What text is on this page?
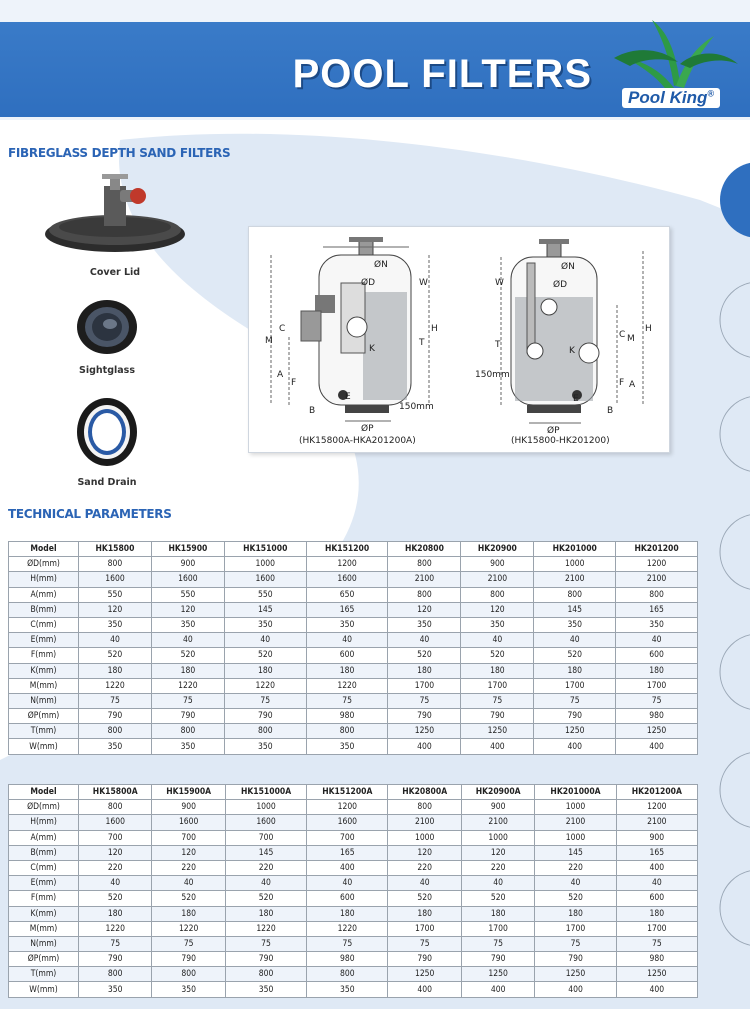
POOL FILTERS
Pool King®
FIBREGLASS DEPTH SAND FILTERS
Cover Lid
Sightglass
Sand Drain
ØN
ØD	W
H
T
C
M
K
A
F
E
B
ØP
150mm
(HK15800A-HKA201200A)
ØN
ØD
W
H
T
C M
K
A
F
E
B
ØP
150mm
(HK15800-HK201200)
TECHNICAL PARAMETERS
Model	HK15800	HK15900	HK151000	HK151200	HK20800	HK20900	HK201000	HK201200
ØD(mm)	800	900	1000	1200	800	900	1000	1200
H(mm)	1600	1600	1600	1600	2100	2100	2100	2100
A(mm)	550	550	550	650	800	800	800	800
B(mm)	120	120	145	165	120	120	145	165
C(mm)	350	350	350	350	350	350	350	350
E(mm)	40	40	40	40	40	40	40	40
F(mm)	520	520	520	600	520	520	520	600
K(mm)	180	180	180	180	180	180	180	180
M(mm)	1220	1220	1220	1220	1700	1700	1700	1700
N(mm)	75	75	75	75	75	75	75	75
ØP(mm)	790	790	790	980	790	790	790	980
T(mm)	800	800	800	800	1250	1250	1250	1250
W(mm)	350	350	350	350	400	400	400	400
Model	HK15800A	HK15900A	HK151000A	HK151200A	HK20800A	HK20900A	HK201000A	HK201200A
ØD(mm)	800	900	1000	1200	800	900	1000	1200
H(mm)	1600	1600	1600	1600	2100	2100	2100	2100
A(mm)	700	700	700	700	1000	1000	1000	900
B(mm)	120	120	145	165	120	120	145	165
C(mm)	220	220	220	400	220	220	220	400
E(mm)	40	40	40	40	40	40	40	40
F(mm)	520	520	520	600	520	520	520	600
K(mm)	180	180	180	180	180	180	180	180
M(mm)	1220	1220	1220	1220	1700	1700	1700	1700
N(mm)	75	75	75	75	75	75	75	75
ØP(mm)	790	790	790	980	790	790	790	980
T(mm)	800	800	800	800	1250	1250	1250	1250
W(mm)	350	350	350	350	400	400	400	400
